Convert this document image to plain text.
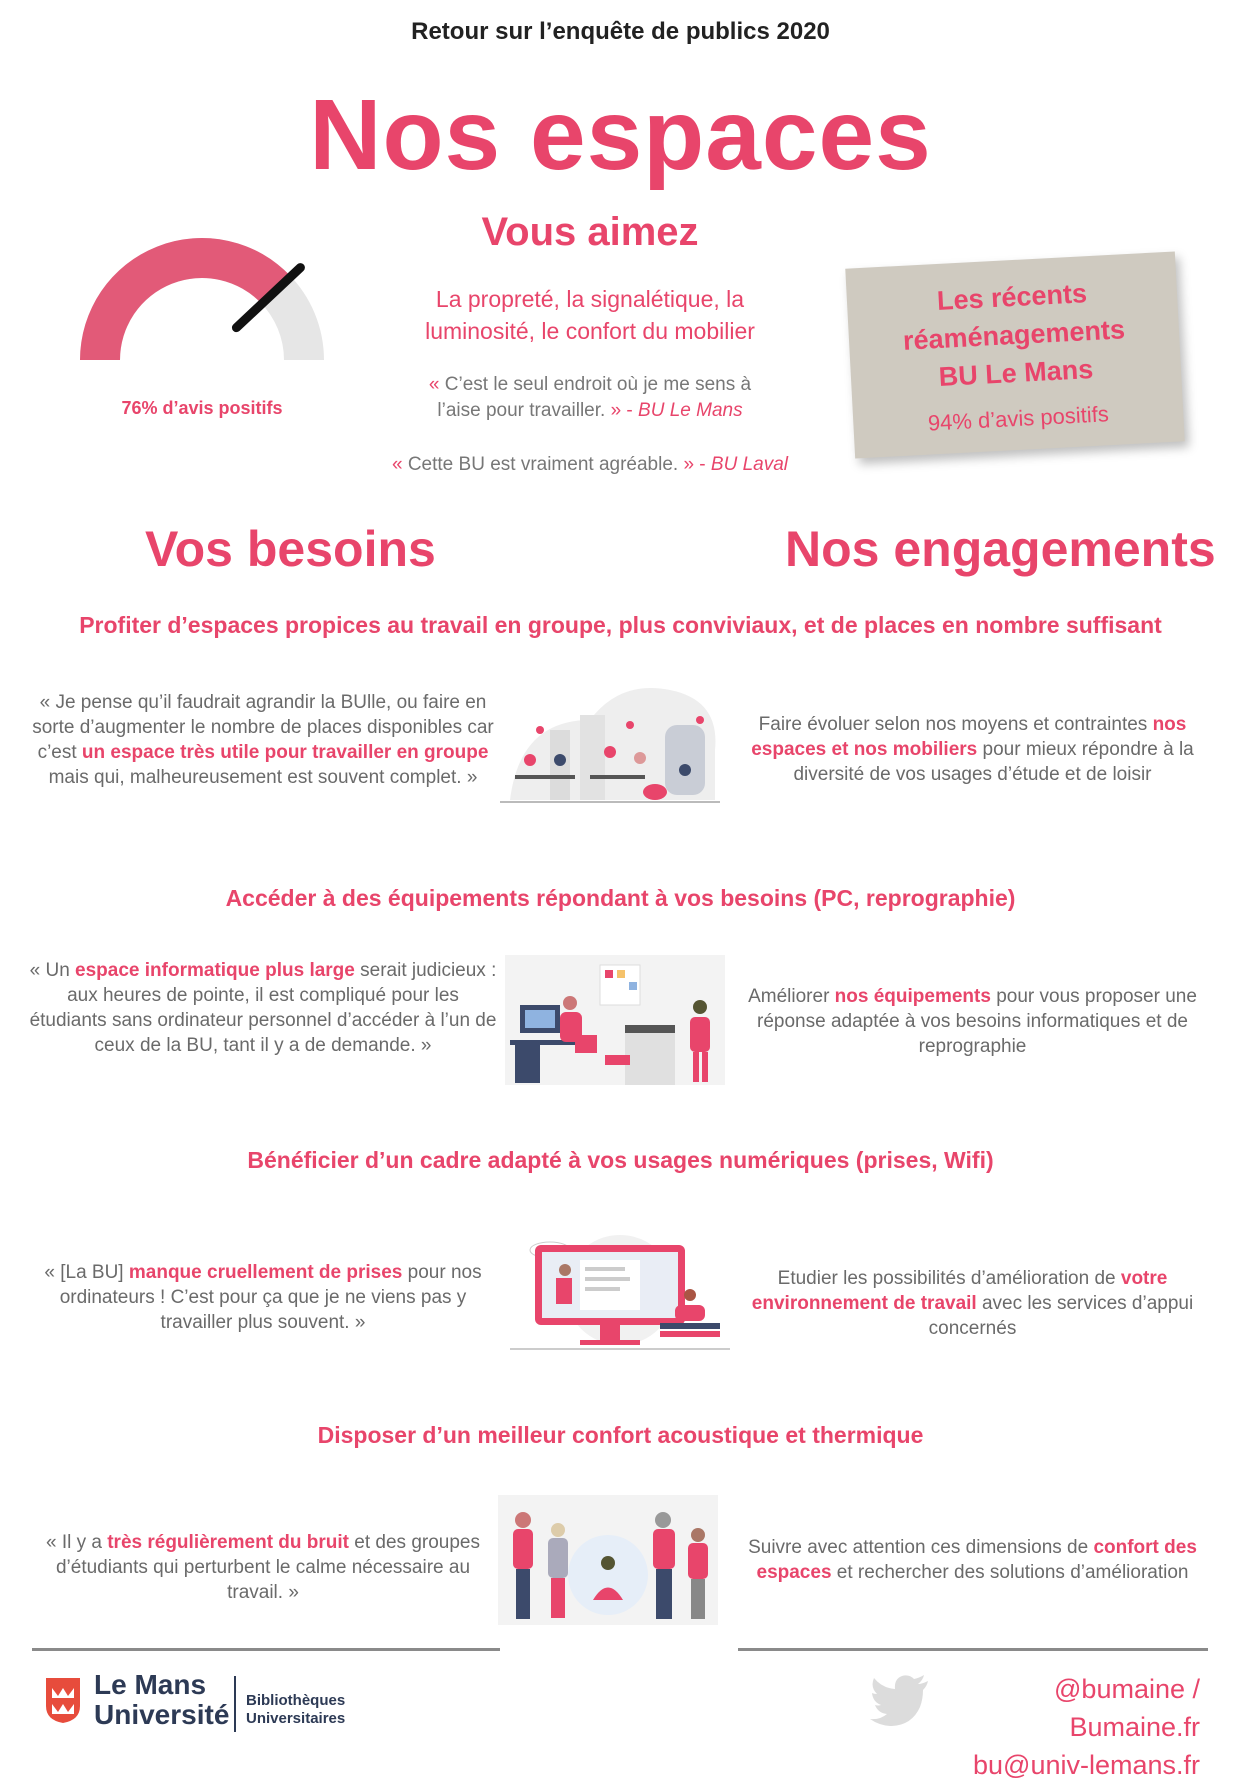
Retour sur l’enquête de publics 2020
Nos espaces
76% d’avis positifs
Vous aimez
La propreté, la signalétique, la luminosité, le confort du mobilier
« C’est le seul endroit où je me sens à l’aise pour travailler. » - BU Le Mans
« Cette BU est vraiment agréable. » - BU Laval
Les récents
réaménagements
BU Le Mans
94% d’avis positifs
Vos besoins	Nos engagements
Profiter d’espaces propices au travail en groupe, plus conviviaux, et de places en nombre suffisant
« Je pense qu’il faudrait agrandir la BUlle, ou faire en sorte d’augmenter le nombre de places disponibles car c’est un espace très utile pour travailler en groupe mais qui, malheureusement est souvent complet. »
Faire évoluer selon nos moyens et contraintes nos espaces et nos mobiliers pour mieux répondre à la diversité de vos usages d’étude et de loisir
Accéder à des équipements répondant à vos besoins (PC, reprographie)
« Un espace informatique plus large serait judicieux : aux heures de pointe, il est compliqué pour les étudiants sans ordinateur personnel d’accéder à l’un de ceux de la BU, tant il y a de demande. »
Améliorer nos équipements pour vous proposer une réponse adaptée à vos besoins informatiques et de reprographie
Bénéficier d’un cadre adapté à vos usages numériques (prises, Wifi)
« [La BU] manque cruellement de prises pour nos ordinateurs ! C’est pour ça que je ne viens pas y travailler plus souvent. »
Etudier les possibilités d’amélioration de votre environnement de travail avec les services d’appui concernés
Disposer d’un meilleur confort acoustique et thermique
« Il y a très régulièrement du bruit et des groupes d’étudiants qui perturbent le calme nécessaire au travail. »
Suivre avec attention ces dimensions de confort des espaces et rechercher des solutions d’amélioration
Le Mans
Université Bibliothèques
Universitaires
@bumaine / Bumaine.fr
bu@univ-lemans.fr
